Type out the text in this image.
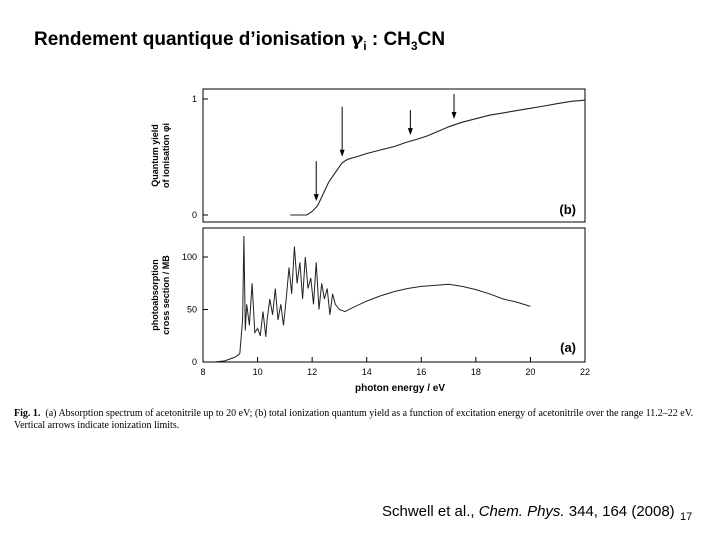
Rendement quantique d’ionisation $\gamma_i$ : $CH_3CN$
0
1
Quantum yield of ionisation φi
(b)
0
50
100
8	10	12	14	16	18	20	22
photon energy / eV
photoabsorption cross section / MB
(a)
Fig. 1. (a) Absorption spectrum of acetonitrile up to 20 eV; (b) total ionization quantum yield as a function of excitation energy of acetonitrile over the range 11.2–22 eV. Vertical arrows indicate ionization limits.
Schwell et al., Chem. Phys. 344, 164 (2008) 17
